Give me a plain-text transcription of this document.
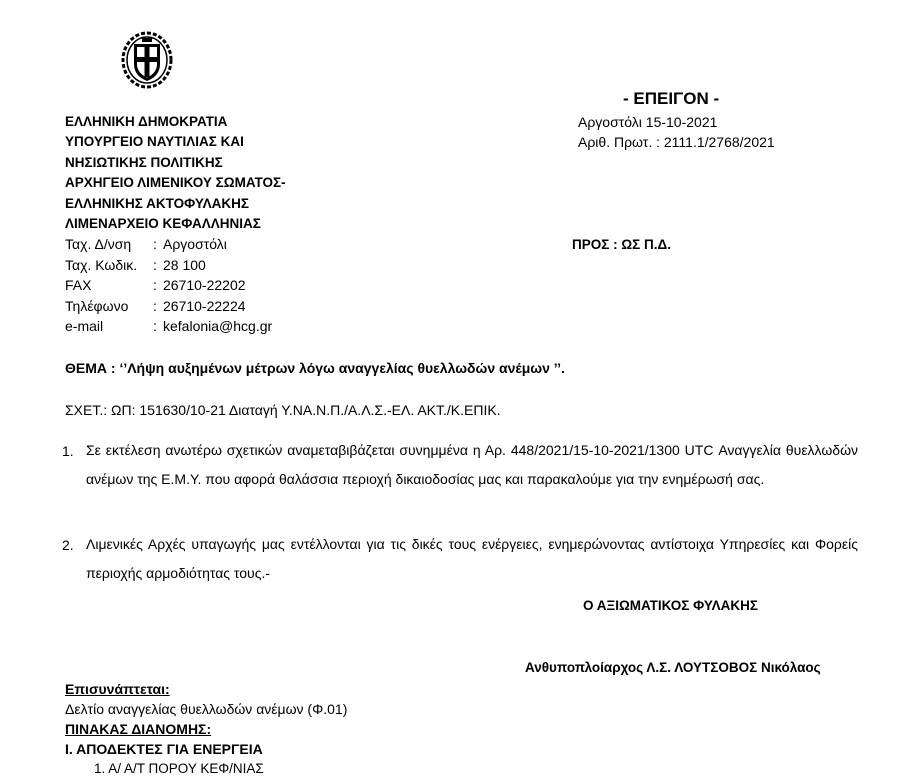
- ΕΠΕΙΓΟΝ -
Αργοστόλι 15-10-2021
Αριθ. Πρωτ. : 2111.1/2768/2021
ΠΡΟΣ : ΩΣ Π.Δ.
ΕΛΛΗΝΙΚΗ ΔΗΜΟΚΡΑΤΙΑ
ΥΠΟΥΡΓΕΙΟ ΝΑΥΤΙΛΙΑΣ ΚΑΙ
ΝΗΣΙΩΤΙΚΗΣ ΠΟΛΙΤΙΚΗΣ
ΑΡΧΗΓΕΙΟ ΛΙΜΕΝΙΚΟΥ ΣΩΜΑΤΟΣ-
ΕΛΛΗΝΙΚΗΣ ΑΚΤΟΦΥΛΑΚΗΣ
ΛΙΜΕΝΑΡΧΕΙΟ ΚΕΦΑΛΛΗΝΙΑΣ
Ταχ. Δ/νση : Αργοστόλι
Ταχ. Κωδικ. : 28 100
FAX	: 26710-22202
Τηλέφωνο : 26710-22224
e-mail	: kefalonia@hcg.gr
ΘΕΜΑ : ‘’Λήψη αυξημένων μέτρων λόγω αναγγελίας θυελλωδών ανέμων ’’.
ΣΧΕΤ.: ΩΠ: 151630/10-21 Διαταγή Υ.ΝΑ.Ν.Π./Α.Λ.Σ.-ΕΛ. ΑΚΤ./Κ.ΕΠΙΚ.
1. Σε εκτέλεση ανωτέρω σχετικών αναμεταβιβάζεται συνημμένα η Αρ. 448/2021/15-10-2021/1300 UTC Αναγγελία θυελλωδών ανέμων της Ε.Μ.Υ. που αφορά θαλάσσια περιοχή δικαιοδοσίας μας και παρακαλούμε για την ενημέρωσή σας.
2. Λιμενικές Αρχές υπαγωγής μας εντέλλονται για τις δικές τους ενέργειες, ενημερώνοντας αντίστοιχα Υπηρεσίες και Φορείς περιοχής αρμοδιότητας τους.-
Ο ΑΞΙΩΜΑΤΙΚΟΣ ΦΥΛΑΚΗΣ
Ανθυποπλοίαρχος Λ.Σ. ΛΟΥΤΣΟΒΟΣ Νικόλαος
Επισυνάπτεται:
Δελτίο αναγγελίας θυελλωδών ανέμων (Φ.01)
ΠΙΝΑΚΑΣ ΔΙΑΝΟΜΗΣ:
Ι. ΑΠΟΔΕΚΤΕΣ ΓΙΑ ΕΝΕΡΓΕΙΑ
1. Α/ Α/Τ ΠΟΡΟΥ ΚΕΦ/ΝΙΑΣ
